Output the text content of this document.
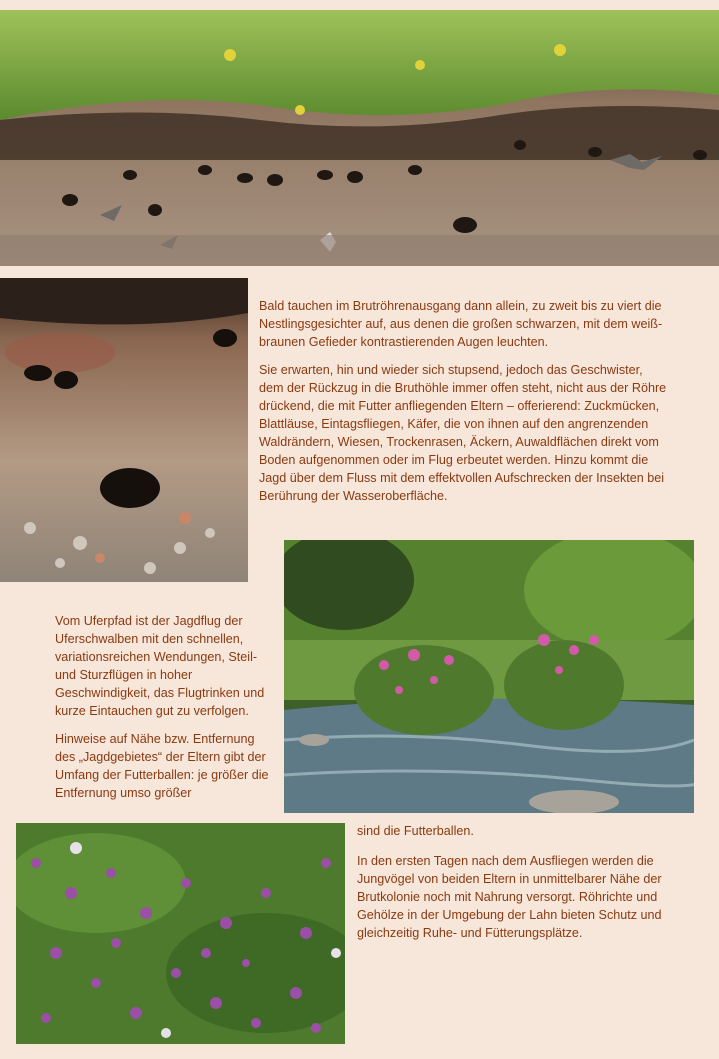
Bald tauchen im Brutröhrenausgang dann allein, zu zweit bis zu viert die Nestlingsgesichter auf, aus denen die großen schwarzen, mit dem weiß-braunen Gefieder kontrastierenden Augen leuchten.

Sie erwarten, hin und wieder sich stupsend, jedoch das Geschwister, dem der Rückzug in die Bruthöhle immer offen steht, nicht aus der Röhre drückend, die mit Futter anfliegenden Eltern – offerierend: Zuckmücken, Blattläuse, Eintagsfliegen, Käfer, die von ihnen auf den angrenzenden Waldrändern, Wiesen, Trockenrasen, Äckern, Auwaldflächen direkt vom Boden aufgenommen oder im Flug erbeutet werden. Hinzu kommt die Jagd über dem Fluss mit dem effektvollen Aufschrecken der Insekten bei Berührung der Wasseroberfläche.

Vom Uferpfad ist der Jagdflug der Uferschwalben mit den schnellen, variationsreichen Wendungen, Steil- und Sturzflügen in hoher Geschwindigkeit, das Flugtrinken und kurze Eintauchen gut zu verfolgen.

Hinweise auf Nähe bzw. Entfernung des „Jagdgebietes“ der Eltern gibt der Umfang der Futterballen: je größer die Entfernung umso größer

sind die Futterballen.

In den ersten Tagen nach dem Ausfliegen werden die Jungvögel von beiden Eltern in unmittelbarer Nähe der Brutkolonie noch mit Nahrung versorgt. Röhrichte und Gehölze in der Umgebung der Lahn bieten Schutz und gleichzeitig Ruhe- und Fütterungsplätze.
